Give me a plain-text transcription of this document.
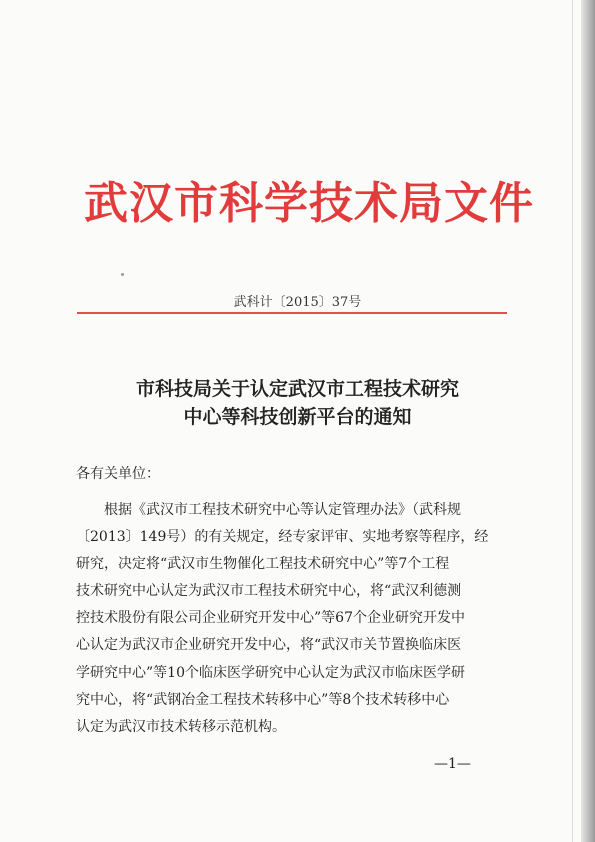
武汉市科学技术局文件
武科计〔2015〕37号
市科技局关于认定武汉市工程技术研究
中心等科技创新平台的通知
各有关单位：
根据《武汉市工程技术研究中心等认定管理办法》（武科规
〔2013〕149号）的有关规定，经专家评审、实地考察等程序，经
研究，决定将“武汉市生物催化工程技术研究中心”等7个工程
技术研究中心认定为武汉市工程技术研究中心，将“武汉利德测
控技术股份有限公司企业研究开发中心”等67个企业研究开发中
心认定为武汉市企业研究开发中心，将“武汉市关节置换临床医
学研究中心”等10个临床医学研究中心认定为武汉市临床医学研
究中心，将“武钢冶金工程技术转移中心”等8个技术转移中心
认定为武汉市技术转移示范机构。
—1—
